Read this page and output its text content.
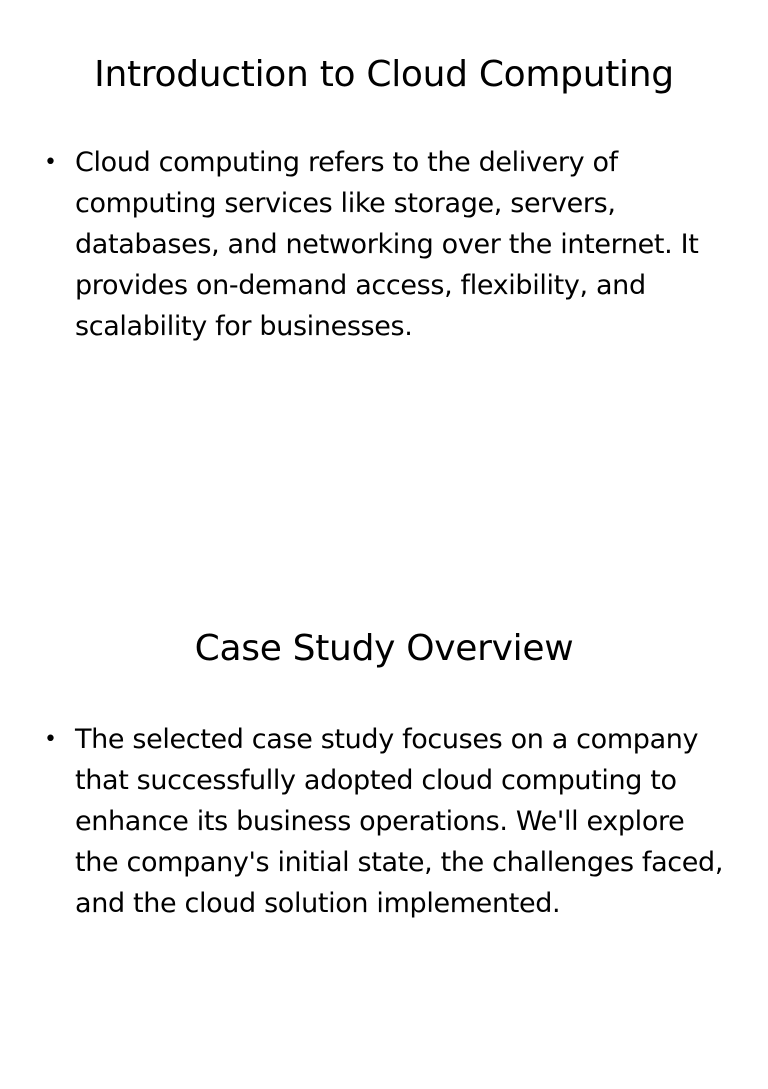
Introduction to Cloud Computing
• Cloud computing refers to the delivery of computing services like storage, servers, databases, and networking over the internet. It provides on-demand access, flexibility, and scalability for businesses.
Case Study Overview
• The selected case study focuses on a company that successfully adopted cloud computing to enhance its business operations. We'll explore the company's initial state, the challenges faced, and the cloud solution implemented.
